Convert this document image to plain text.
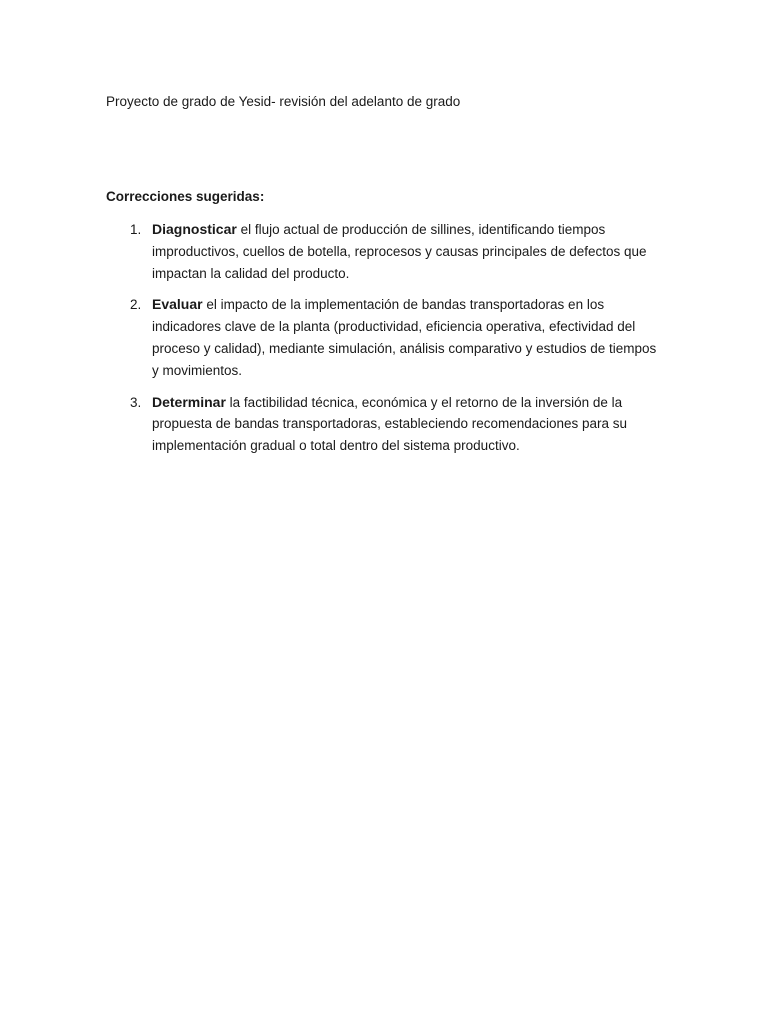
Proyecto de grado de Yesid- revisión del adelanto de grado
Correcciones sugeridas:
1. Diagnosticar el flujo actual de producción de sillines, identificando tiempos improductivos, cuellos de botella, reprocesos y causas principales de defectos que impactan la calidad del producto.
2. Evaluar el impacto de la implementación de bandas transportadoras en los indicadores clave de la planta (productividad, eficiencia operativa, efectividad del proceso y calidad), mediante simulación, análisis comparativo y estudios de tiempos y movimientos.
3. Determinar la factibilidad técnica, económica y el retorno de la inversión de la propuesta de bandas transportadoras, estableciendo recomendaciones para su implementación gradual o total dentro del sistema productivo.
